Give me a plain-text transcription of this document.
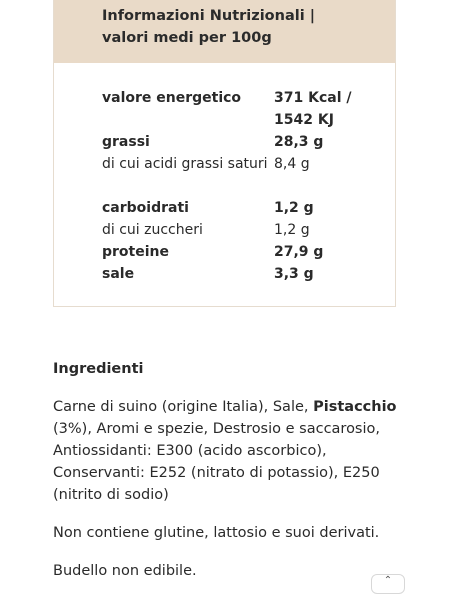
Informazioni Nutrizionali | valori medi per 100g
valore energetico	371 Kcal / 1542 KJ
grassi	28,3 g
di cui acidi grassi saturi 8,4 g
carboidrati	1,2 g
di cui zuccheri	1,2 g
proteine	27,9 g
sale	3,3 g
Ingredienti
Carne di suino (origine Italia), Sale, Pistacchio (3%), Aromi e spezie, Destrosio e saccarosio, Antiossidanti: E300 (acido ascorbico), Conservanti: E252 (nitrato di potassio), E250 (nitrito di sodio)
Non contiene glutine, lattosio e suoi derivati.
Budello non edibile.
⌃
